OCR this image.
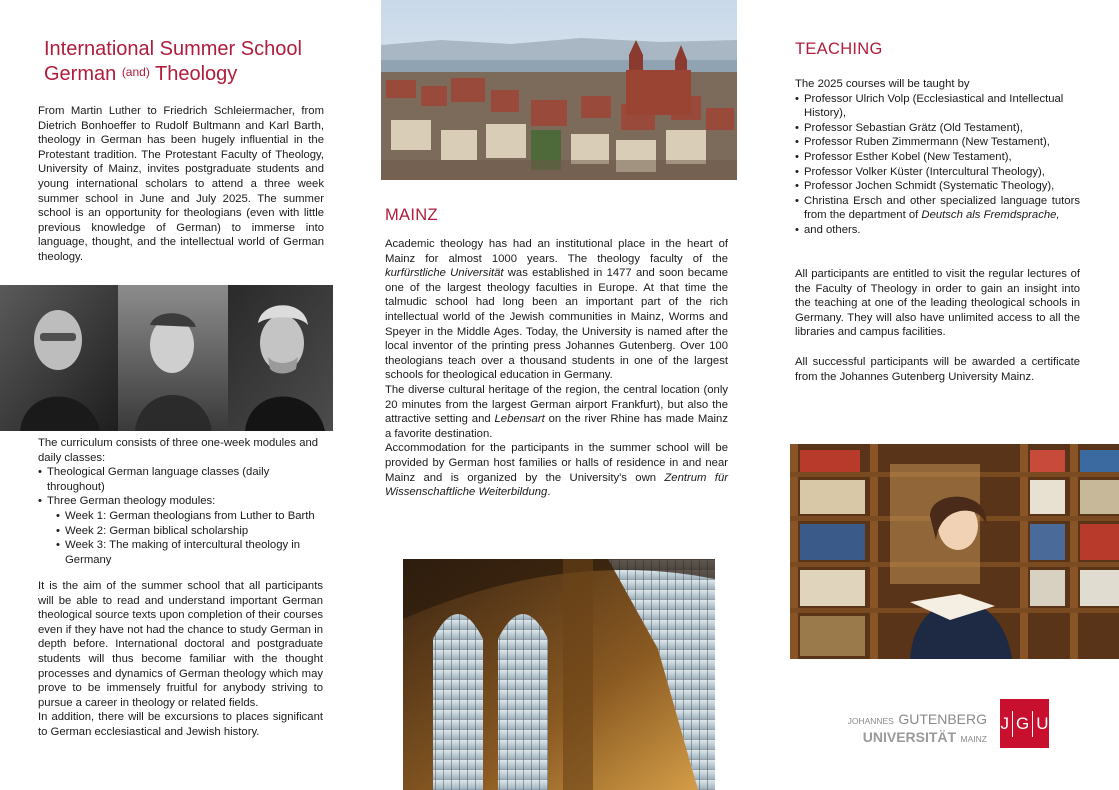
International Summer School
German $^{(and)}$ Theology
From Martin Luther to Friedrich Schleiermacher, from Dietrich Bonhoeffer to Rudolf Bultmann and Karl Barth, theology in German has been hugely influential in the Protestant tradition. The Protestant Faculty of Theology, University of Mainz, invites postgraduate students and young international scholars to attend a three week summer school in June and July 2025. The summer school is an opportunity for theologians (even with little previous knowledge of German) to immerse into language, thought, and the intellectual world of German theology.
The curriculum consists of three one-week modules and daily classes:
• Theological German language classes (daily throughout)
• Three German theology modules:
• Week 1: German theologians from Luther to Barth
• Week 2: German biblical scholarship
• Week 3: The making of intercultural theology in Germany
It is the aim of the summer school that all participants will be able to read and understand important German theological source texts upon completion of their courses even if they have not had the chance to study German in depth before. International doctoral and postgraduate students will thus become familiar with the thought processes and dynamics of German theology which may prove to be immensely fruitful for anybody striving to pursue a career in theology or related fields.
In addition, there will be excursions to places significant to German ecclesiastical and Jewish history.
MAINZ
Academic theology has had an institutional place in the heart of Mainz for almost 1000 years. The theology faculty of the kurfürstliche Universität was established in 1477 and soon became one of the largest theology faculties in Europe. At that time the talmudic school had long been an important part of the rich intellectual world of the Jewish communities in Mainz, Worms and Speyer in the Middle Ages. Today, the University is named after the local inventor of the printing press Johannes Gutenberg. Over 100 theologians teach over a thousand students in one of the largest schools for theological education in Germany.
The diverse cultural heritage of the region, the central location (only 20 minutes from the largest German airport Frankfurt), but also the attractive setting and Lebensart on the river Rhine has made Mainz a favorite destination.
Accommodation for the participants in the summer school will be provided by German host families or halls of residence in and near Mainz and is organized by the University's own Zentrum für Wissenschaftliche Weiterbildung.
TEACHING
The 2025 courses will be taught by
• Professor Ulrich Volp (Ecclesiastical and Intellectual History),
• Professor Sebastian Grätz (Old Testament),
• Professor Ruben Zimmermann (New Testament),
• Professor Esther Kobel (New Testament),
• Professor Volker Küster (Intercultural Theology),
• Professor Jochen Schmidt (Systematic Theology),
• Christina Ersch and other specialized language tutors from the department of Deutsch als Fremdsprache,
• and others.
All participants are entitled to visit the regular lectures of the Faculty of Theology in order to gain an insight into the teaching at one of the leading theological schools in Germany. They will also have unlimited access to all the libraries and campus facilities.
All successful participants will be awarded a certificate from the Johannes Gutenberg University Mainz.
JOHANNES GUTENBERG
UNIVERSITÄT MAINZ
J G U
